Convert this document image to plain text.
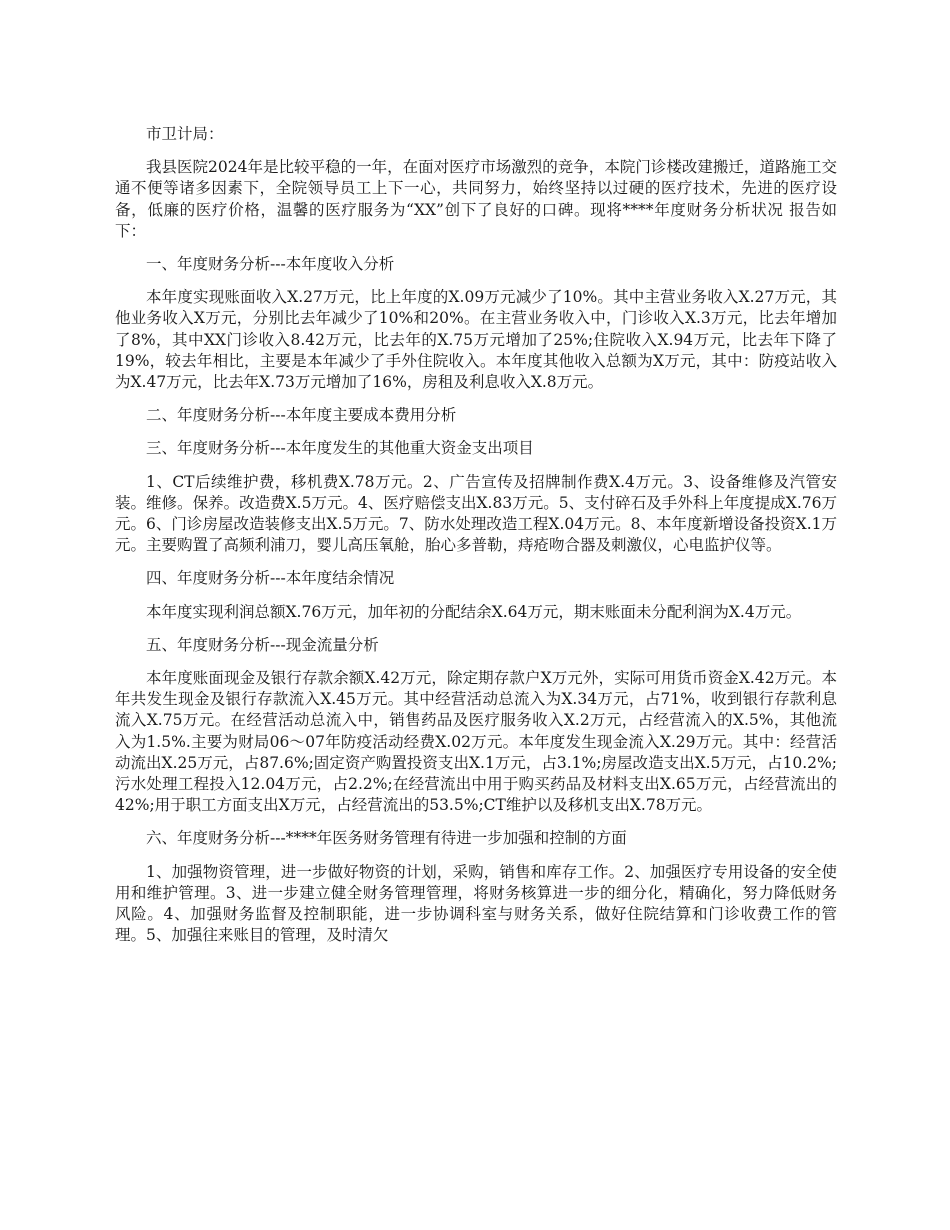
市卫计局：

我县医院2024年是比较平稳的一年，在面对医疗市场激烈的竞争，本院门诊楼改建搬迁，道路施工交通不便等诸多因素下，全院领导员工上下一心，共同努力，始终坚持以过硬的医疗技术，先进的医疗设备，低廉的医疗价格，温馨的医疗服务为“XX”创下了良好的口碑。现将****年度财务分析状况 报告如下：

一、年度财务分析---本年度收入分析

本年度实现账面收入X.27万元，比上年度的X.09万元减少了10%。其中主营业务收入X.27万元，其他业务收入X万元，分别比去年减少了10%和20%。在主营业务收入中，门诊收入X.3万元，比去年增加了8%，其中XX门诊收入8.42万元，比去年的X.75万元增加了25%;住院收入X.94万元，比去年下降了19%，较去年相比，主要是本年减少了手外住院收入。本年度其他收入总额为X万元，其中：防疫站收入为X.47万元，比去年X.73万元增加了16%，房租及利息收入X.8万元。

二、年度财务分析---本年度主要成本费用分析

三、年度财务分析---本年度发生的其他重大资金支出项目

1、CT后续维护费，移机费X.78万元。2、广告宣传及招牌制作费X.4万元。3、设备维修及汽管安装。维修。保养。改造费X.5万元。4、医疗赔偿支出X.83万元。5、支付碎石及手外科上年度提成X.76万元。6、门诊房屋改造装修支出X.5万元。7、防水处理改造工程X.04万元。8、本年度新增设备投资X.1万元。主要购置了高频利浦刀，婴儿高压氧舱，胎心多普勒，痔疮吻合器及刺激仪，心电监护仪等。

四、年度财务分析---本年度结余情况

本年度实现利润总额X.76万元，加年初的分配结余X.64万元，期末账面未分配利润为X.4万元。

五、年度财务分析---现金流量分析

本年度账面现金及银行存款余额X.42万元，除定期存款户X万元外，实际可用货币资金X.42万元。本年共发生现金及银行存款流入X.45万元。其中经营活动总流入为X.34万元，占71%，收到银行存款利息流入X.75万元。在经营活动总流入中，销售药品及医疗服务收入X.2万元，占经营流入的X.5%，其他流入为1.5%.主要为财局06～07年防疫活动经费X.02万元。本年度发生现金流入X.29万元。其中：经营活动流出X.25万元，占87.6%;固定资产购置投资支出X.1万元，占3.1%;房屋改造支出X.5万元，占10.2%;污水处理工程投入12.04万元，占2.2%;在经营流出中用于购买药品及材料支出X.65万元，占经营流出的42%;用于职工方面支出X万元，占经营流出的53.5%;CT维护以及移机支出X.78万元。

六、年度财务分析---****年医务财务管理有待进一步加强和控制的方面

1、加强物资管理，进一步做好物资的计划，采购，销售和库存工作。2、加强医疗专用设备的安全使用和维护管理。3、进一步建立健全财务管理管理，将财务核算进一步的细分化，精确化，努力降低财务风险。4、加强财务监督及控制职能，进一步协调科室与财务关系，做好住院结算和门诊收费工作的管理。5、加强往来账目的管理，及时清欠
